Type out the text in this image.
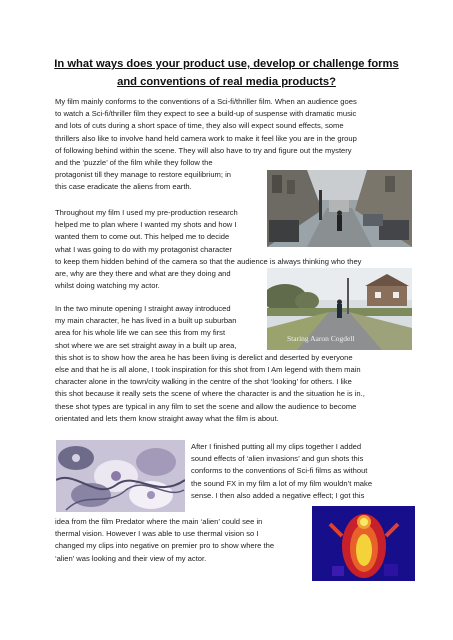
In what ways does your product use, develop or challenge forms
and conventions of real media products?
My film mainly conforms to the conventions of a Sci-fi/thriller film. When an audience goes
to watch a Sci-fi/thriller film they expect to see a build-up of suspense with dramatic music
and lots of cuts during a short space of time, they also will expect sound effects, some
thrillers also like to involve hand held camera work to make it feel like you are in the group
of following behind within the scene. They will also have to try and figure out the mystery
and the ‘puzzle’ of the film while they follow the
protagonist till they manage to restore equilibrium; in
this case eradicate the aliens from earth.
Throughout my film I used my pre-production research
helped me to plan where I wanted my shots and how I
wanted them to come out. This helped me to decide
what I was going to do with my protagonist character
to keep them hidden behind of the camera so that the audience is always thinking who they
are, why are they there and what are they doing and
whilst doing watching my actor.
In the two minute opening I straight away introduced
my main character, he has lived in a built up suburban
area for his whole life we can see this from my first
shot where we are set straight away in a built up area,
this shot is to show how the area he has been living is derelict and deserted by everyone
else and that he is all alone, I took inspiration for this shot from I Am legend with them main
character alone in the town/city walking in the centre of the shot ‘looking’ for others. I like
this shot because it really sets the scene of where the character is and the situation he is in.,
these shot types are typical in any film to set the scene and allow the audience to become
orientated and lets them know straight away what the film is about.
After I finished putting all my clips together I added
sound effects of ‘alien invasions’ and gun shots this
conforms to the conventions of Sci-fi films as without
the sound FX in my film a lot of my film wouldn’t make
sense. I then also added a negative effect; I got this
idea from the film Predator where the main ‘alien’ could see in
thermal vision. However I was able to use thermal vision so I
changed my clips into negative on premier pro to show where the
‘alien’ was looking and their view of my actor.
Staring Aaron Cogdell
